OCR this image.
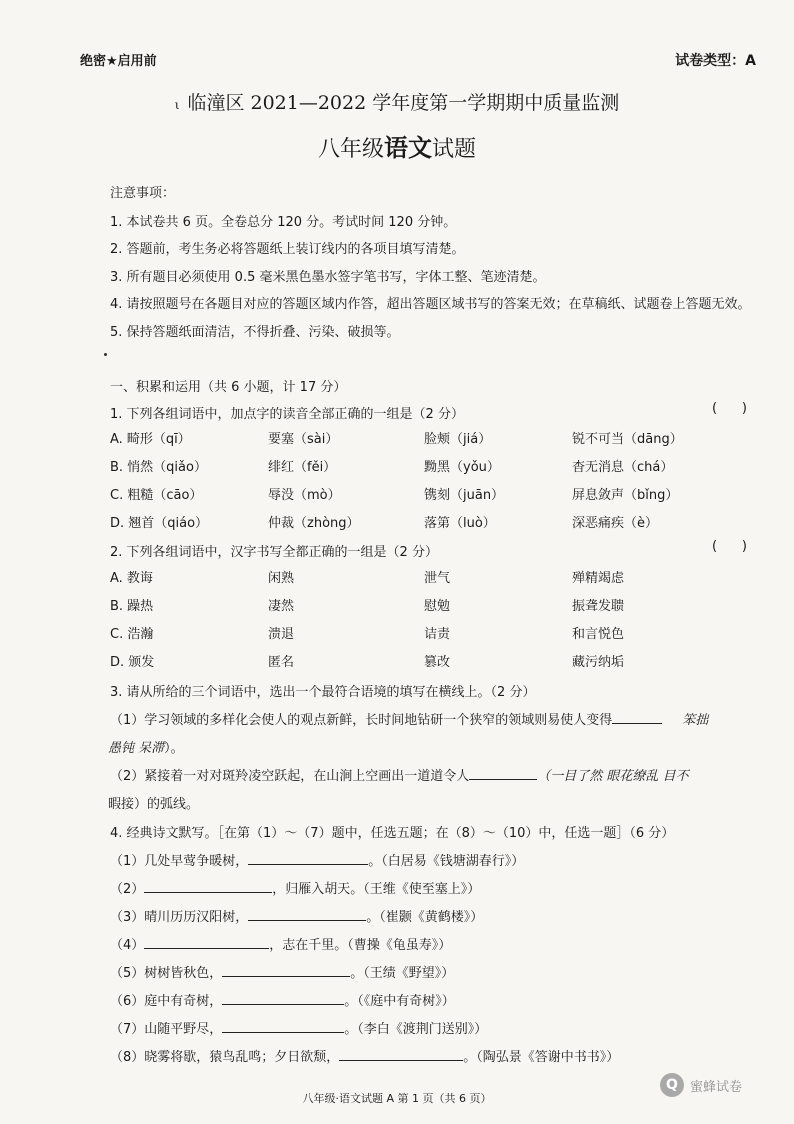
绝密★启用前	试卷类型：A
ι 临潼区 2021—2022 学年度第一学期期中质量监测
八年级语文试题
注意事项：
1. 本试卷共 6 页。全卷总分 120 分。考试时间 120 分钟。
2. 答题前，考生务必将答题纸上装订线内的各项目填写清楚。
3. 所有题目必须使用 0.5 毫米黑色墨水签字笔书写，字体工整、笔迹清楚。
4. 请按照题号在各题目对应的答题区域内作答，超出答题区域书写的答案无效；在草稿纸、试题卷上答题无效。
5. 保持答题纸面清洁，不得折叠、污染、破损等。
一、积累和运用（共 6 小题，计 17 分）
1. 下列各组词语中，加点字的读音全部正确的一组是（2 分）	(      )
A. 畸形（qī）	要塞（sài）	脸颊（jiá）	锐不可当（dāng）
B. 悄然（qiǎo）	绯红（fěi）	黝黑（yǒu）	杳无消息（chá）
C. 粗糙（cāo）	辱没（mò）	镌刻（juān）	屏息敛声（bǐng）
D. 翘首（qiáo）	仲裁（zhòng）	落第（luò）	深恶痛疾（è）
2. 下列各组词语中，汉字书写全都正确的一组是（2 分）	(      )
A. 教诲	闲熟	泄气	殚精竭虑
B. 躁热	凄然	慰勉	振聋发聩
C. 浩瀚	溃退	诘责	和言悦色
D. 颁发	匿名	篡改	藏污纳垢
3. 请从所给的三个词语中，选出一个最符合语境的填写在横线上。（2 分）
（1）学习领域的多样化会使人的观点新鲜，长时间地钻研一个狭窄的领域则易使人变得	笨拙
愚钝 呆滞）。
（2）紧接着一对对斑羚凌空跃起，在山涧上空画出一道道令人	（一目了然 眼花缭乱 目不
暇接）的弧线。
4. 经典诗文默写。［在第（1）～（7）题中，任选五题；在（8）～（10）中，任选一题］（6 分）
（1）几处早莺争暖树，	。（白居易《钱塘湖春行》）
（2）	，归雁入胡天。（王维《使至塞上》）
（3）晴川历历汉阳树，	。（崔颢《黄鹤楼》）
（4）	，志在千里。（曹操《龟虽寿》）
（5）树树皆秋色，	。（王绩《野望》）
（6）庭中有奇树，	。（《庭中有奇树》）
（7）山随平野尽，	。（李白《渡荆门送别》）
（8）晓雾将歇，猿鸟乱鸣；夕日欲颓，	。（陶弘景《答谢中书书》）
八年级·语文试题 A 第 1 页（共 6 页）
Q 蜜蜂试卷
